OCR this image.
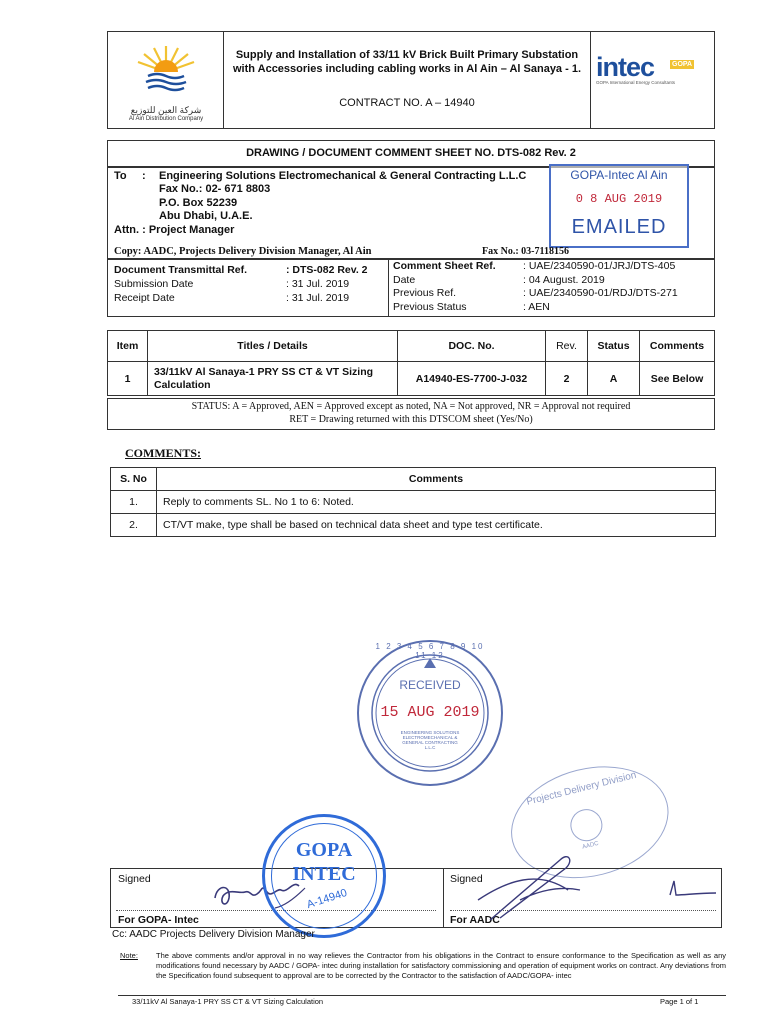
شركة العين للتوزيع
Al Ain Distribution Company
Supply and Installation of 33/11 kV Brick Built Primary Substation with Accessories including cabling works in Al Ain – Al Sanaya - 1.
CONTRACT NO. A – 14940
intec	GOPA
GOPA International Energy Consultants
DRAWING / DOCUMENT COMMENT SHEET NO. DTS-082 Rev. 2
To : Engineering Solutions Electromechanical & General Contracting L.L.C
Fax No.: 02- 671 8803
P.O. Box 52239
Abu Dhabi, U.A.E.
Attn. : Project Manager
GOPA-Intec Al Ain
0 8 AUG 2019
EMAILED
Copy: AADC, Projects Delivery Division Manager, Al Ain	Fax No.: 03-7118156
Document Transmittal Ref.	: DTS-082 Rev. 2
Submission Date	: 31 Jul. 2019
Receipt Date	: 31 Jul. 2019
Comment Sheet Ref.	: UAE/2340590-01/JRJ/DTS-405
Date	: 04 August. 2019
Previous Ref.	: UAE/2340590-01/RDJ/DTS-271
Previous Status	: AEN
Item	Titles / Details	DOC. No.	Rev.	Status	Comments
1	33/11kV Al Sanaya-1 PRY SS CT & VT Sizing Calculation	A14940-ES-7700-J-032	2	A	See Below
STATUS: A = Approved, AEN = Approved except as noted, NA = Not approved, NR = Approval not required
RET = Drawing returned with this DTSCOM sheet (Yes/No)
COMMENTS:
S. No	Comments
1.	Reply to comments SL. No 1 to 6: Noted.
2.	CT/VT make, type shall be based on technical data sheet and type test certificate.
1 2 3 4 5 6 7 8 9 10 11 12
RECEIVED
15 AUG 2019
ENGINEERING SOLUTIONS ELECTROMECHANICAL & GENERAL CONTRACTING L.L.C
Projects Delivery Division
AADC
Signed
For GOPA- Intec
Signed
For AADC
GOPA
INTEC
A-14940
Cc: AADC Projects Delivery Division Manager
Note: The above comments and/or approval in no way relieves the Contractor from his obligations in the Contract to ensure conformance to the Specification as well as any modifications found necessary by AADC / GOPA- intec during installation for satisfactory commissioning and operation of equipment works on contract. Any deviations from the Specification found subsequent to approval are to be corrected by the Contractor to the satisfaction of AADC/GOPA- intec
33/11kV Al Sanaya-1 PRY SS CT & VT Sizing Calculation	Page 1 of 1
